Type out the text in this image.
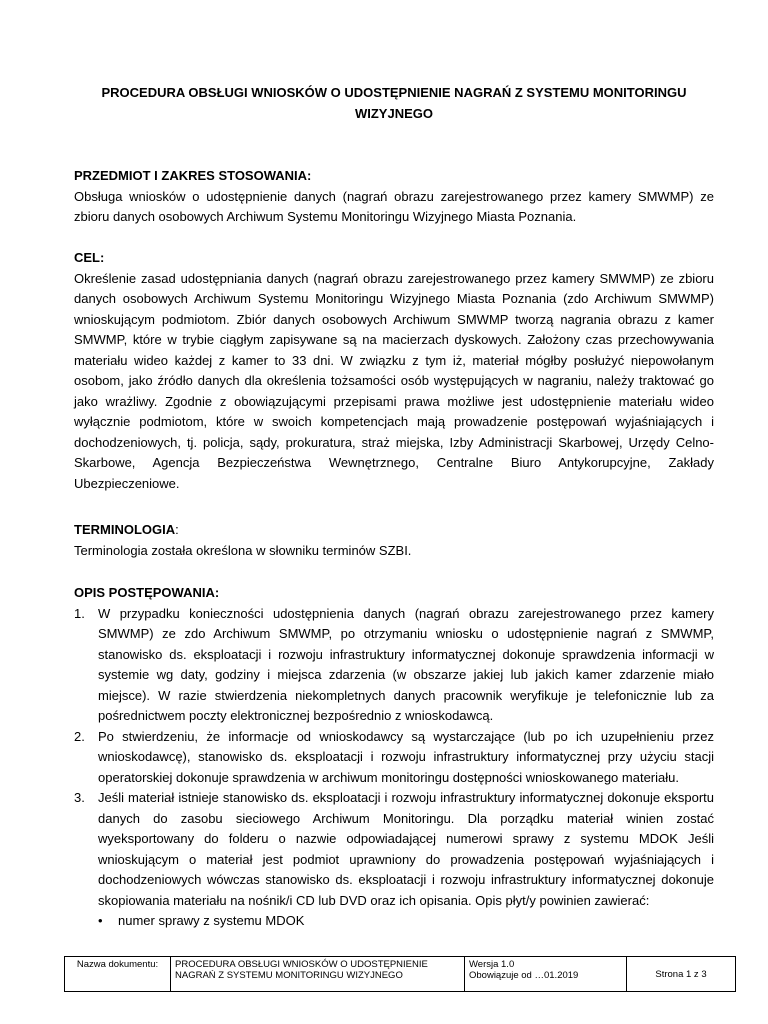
PROCEDURA OBSŁUGI WNIOSKÓW O UDOSTĘPNIENIE NAGRAŃ Z SYSTEMU MONITORINGU
WIZYJNEGO
PRZEDMIOT I ZAKRES STOSOWANIA:
Obsługa wniosków o udostępnienie danych (nagrań obrazu zarejestrowanego przez kamery SMWMP) ze zbioru danych osobowych Archiwum Systemu Monitoringu Wizyjnego Miasta Poznania.
CEL:
Określenie zasad udostępniania danych (nagrań obrazu zarejestrowanego przez kamery SMWMP) ze zbioru danych osobowych Archiwum Systemu Monitoringu Wizyjnego Miasta Poznania (zdo Archiwum SMWMP) wnioskującym podmiotom. Zbiór danych osobowych Archiwum SMWMP tworzą nagrania obrazu z kamer SMWMP, które w trybie ciągłym zapisywane są na macierzach dyskowych. Założony czas przechowywania materiału wideo każdej z kamer to 33 dni. W związku z tym iż, materiał mógłby posłużyć niepowołanym osobom, jako źródło danych dla określenia tożsamości osób występujących w nagraniu, należy traktować go jako wrażliwy. Zgodnie z obowiązującymi przepisami prawa możliwe jest udostępnienie materiału wideo wyłącznie podmiotom, które w swoich kompetencjach mają prowadzenie postępowań wyjaśniających i dochodzeniowych, tj. policja, sądy, prokuratura, straż miejska, Izby Administracji Skarbowej, Urzędy Celno-Skarbowe, Agencja Bezpieczeństwa Wewnętrznego, Centralne Biuro Antykorupcyjne, Zakłady Ubezpieczeniowe.
TERMINOLOGIA:
Terminologia została określona w słowniku terminów SZBI.
OPIS POSTĘPOWANIA:
1. W przypadku konieczności udostępnienia danych (nagrań obrazu zarejestrowanego przez kamery SMWMP) ze zdo Archiwum SMWMP, po otrzymaniu wniosku o udostępnienie nagrań z SMWMP, stanowisko ds. eksploatacji i rozwoju infrastruktury informatycznej dokonuje sprawdzenia informacji w systemie wg daty, godziny i miejsca zdarzenia (w obszarze jakiej lub jakich kamer zdarzenie miało miejsce). W razie stwierdzenia niekompletnych danych pracownik weryfikuje je telefonicznie lub za pośrednictwem poczty elektronicznej bezpośrednio z wnioskodawcą.
2. Po stwierdzeniu, że informacje od wnioskodawcy są wystarczające (lub po ich uzupełnieniu przez wnioskodawcę), stanowisko ds. eksploatacji i rozwoju infrastruktury informatycznej przy użyciu stacji operatorskiej dokonuje sprawdzenia w archiwum monitoringu dostępności wnioskowanego materiału.
3. Jeśli materiał istnieje stanowisko ds. eksploatacji i rozwoju infrastruktury informatycznej dokonuje eksportu danych do zasobu sieciowego Archiwum Monitoringu. Dla porządku materiał winien zostać wyeksportowany do folderu o nazwie odpowiadającej numerowi sprawy z systemu MDOK Jeśli wnioskującym o materiał jest podmiot uprawniony do prowadzenia postępowań wyjaśniających i dochodzeniowych wówczas stanowisko ds. eksploatacji i rozwoju infrastruktury informatycznej dokonuje skopiowania materiału na nośnik/i CD lub DVD oraz ich opisania. Opis płyt/y powinien zawierać:
• numer sprawy z systemu MDOK
Nazwa dokumentu:	PROCEDURA OBSŁUGI WNIOSKÓW O UDOSTĘPNIENIE
NAGRAŃ Z SYSTEMU MONITORINGU WIZYJNEGO
Wersja 1.0
Obowiązuje od …01.2019	Strona 1 z 3
